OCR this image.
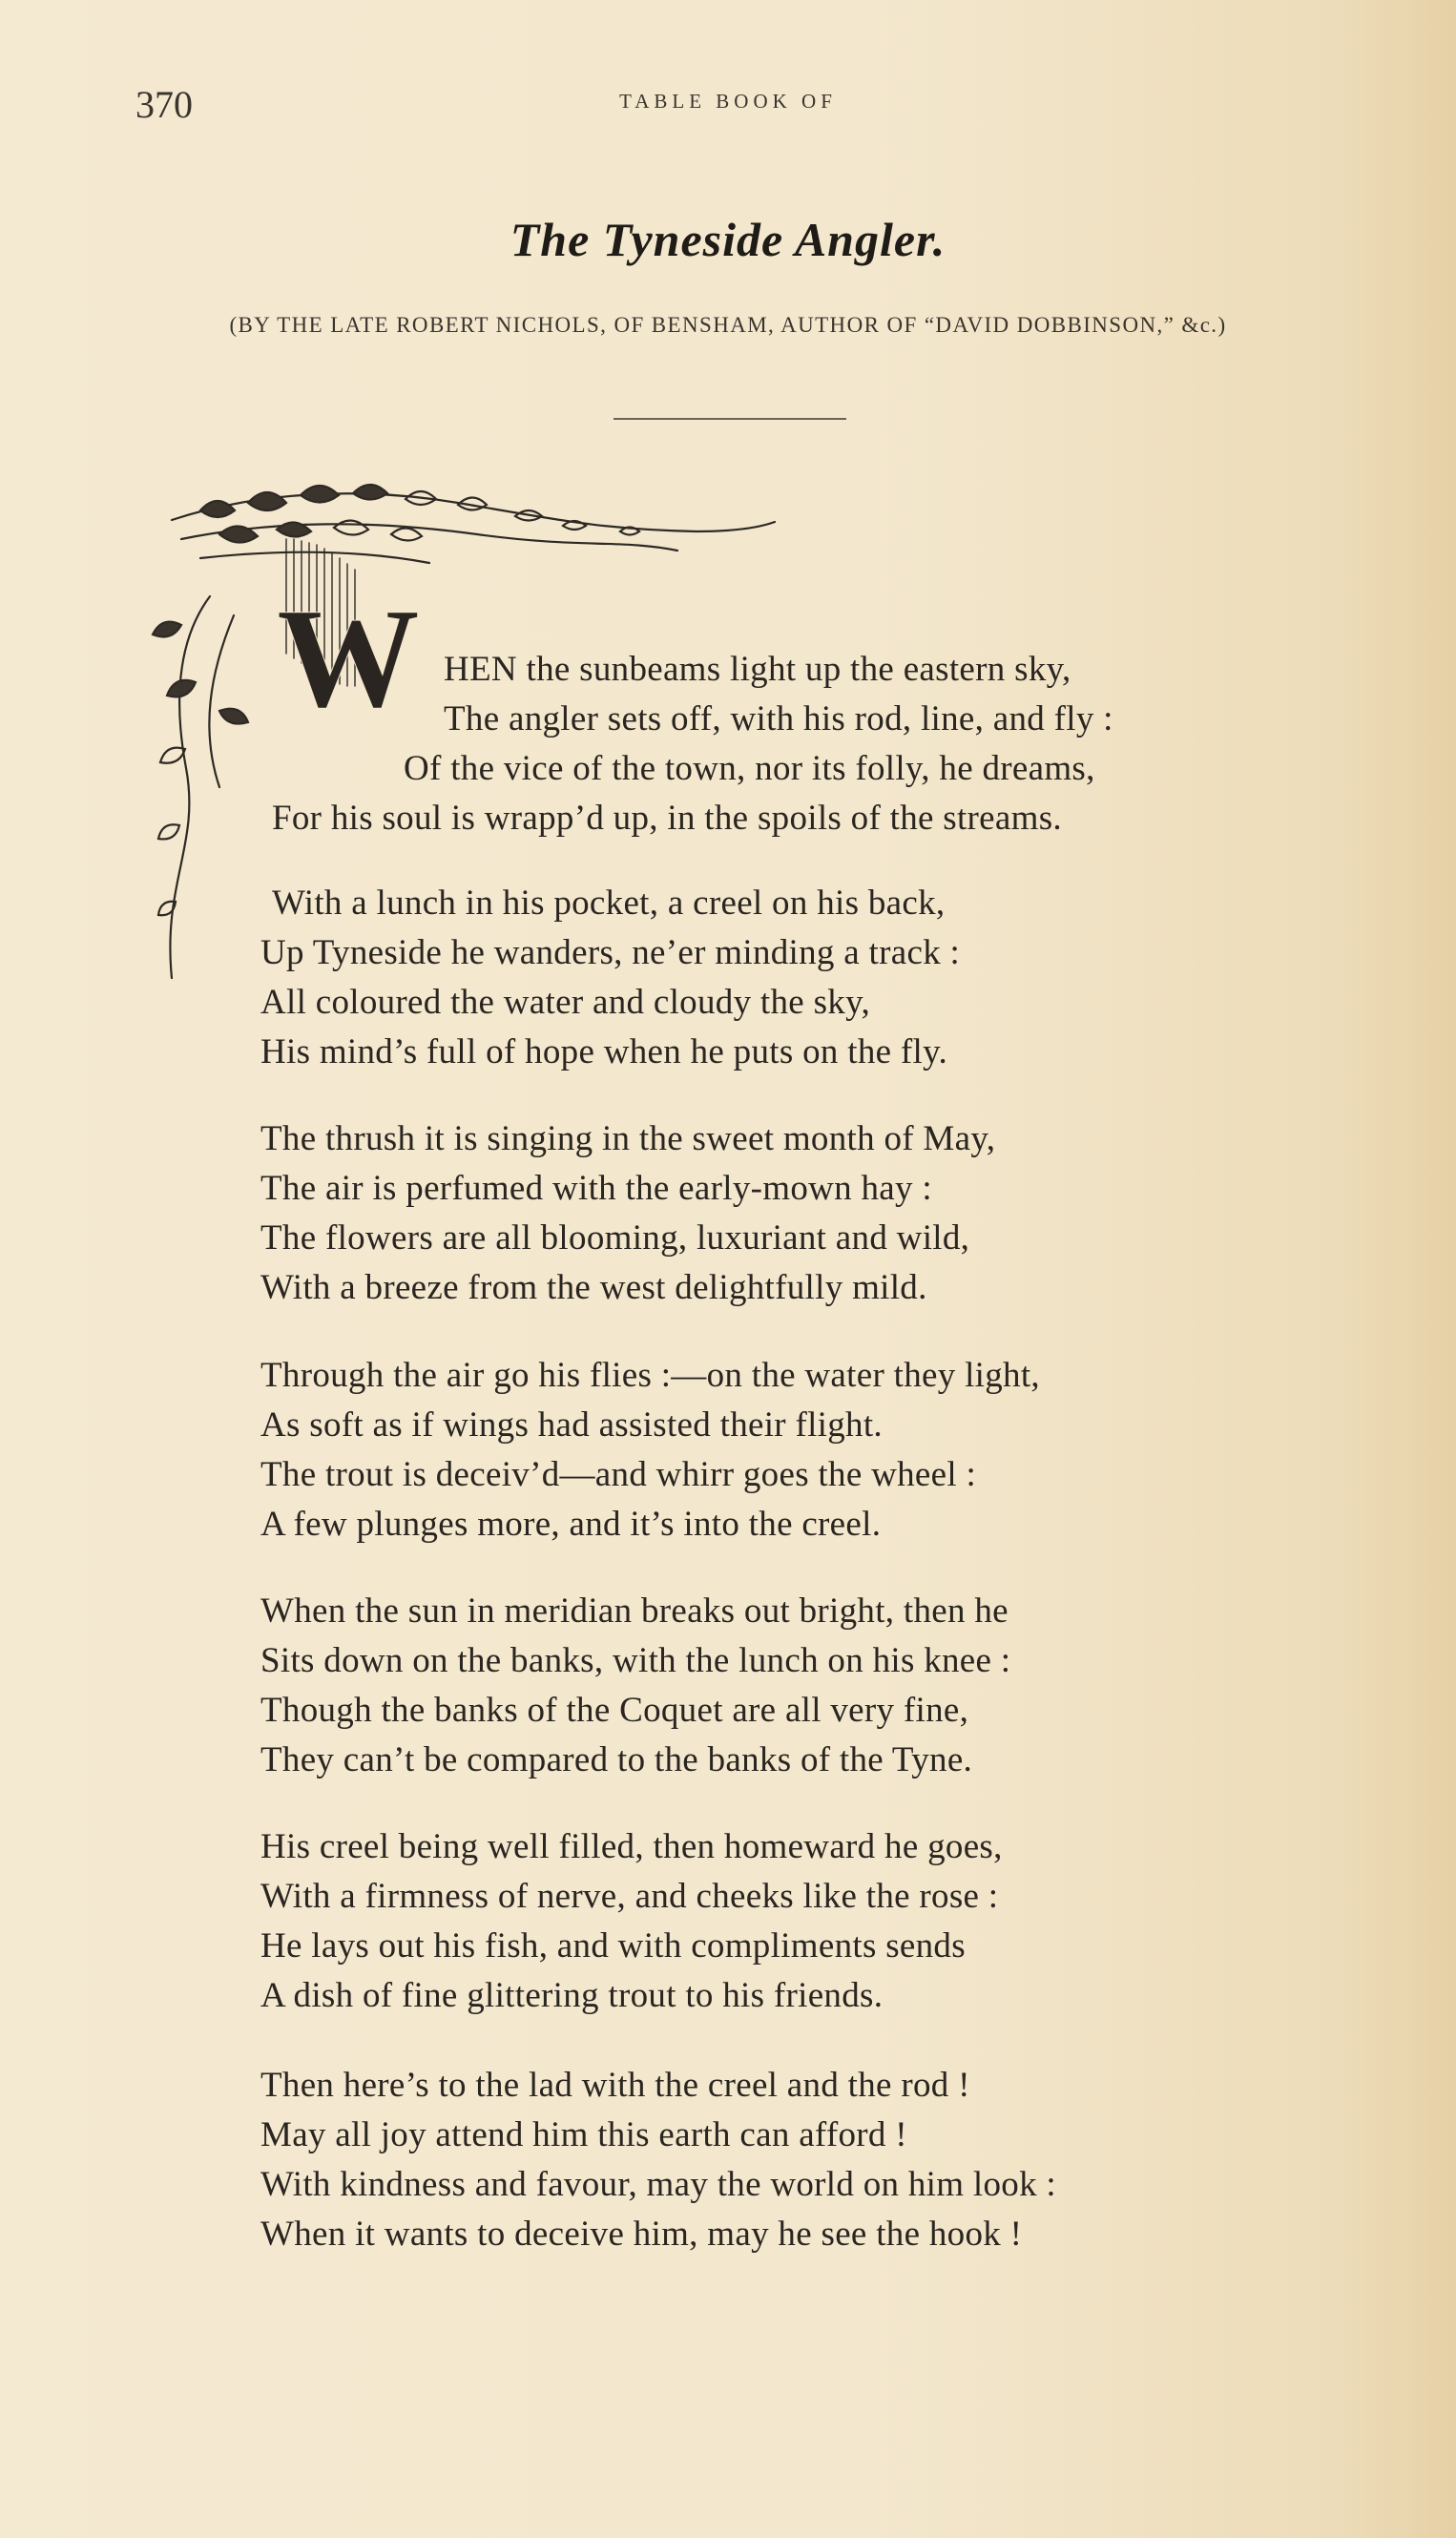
370	TABLE BOOK OF
The Tyneside Angler.
(BY THE LATE ROBERT NICHOLS, OF BENSHAM, AUTHOR OF “DAVID DOBBINSON,” &c.)
W HEN the sunbeams light up the eastern sky,
The angler sets off, with his rod, line, and fly :
Of the vice of the town, nor its folly, he dreams,
For his soul is wrapp’d up, in the spoils of the streams.
With a lunch in his pocket, a creel on his back,
Up Tyneside he wanders, ne’er minding a track :
All coloured the water and cloudy the sky,
His mind’s full of hope when he puts on the fly.
The thrush it is singing in the sweet month of May,
The air is perfumed with the early-mown hay :
The flowers are all blooming, luxuriant and wild,
With a breeze from the west delightfully mild.
Through the air go his flies :—on the water they light,
As soft as if wings had assisted their flight.
The trout is deceiv’d—and whirr goes the wheel :
A few plunges more, and it’s into the creel.
When the sun in meridian breaks out bright, then he
Sits down on the banks, with the lunch on his knee :
Though the banks of the Coquet are all very fine,
They can’t be compared to the banks of the Tyne.
His creel being well filled, then homeward he goes,
With a firmness of nerve, and cheeks like the rose :
He lays out his fish, and with compliments sends
A dish of fine glittering trout to his friends.
Then here’s to the lad with the creel and the rod !
May all joy attend him this earth can afford !
With kindness and favour, may the world on him look :
When it wants to deceive him, may he see the hook !
